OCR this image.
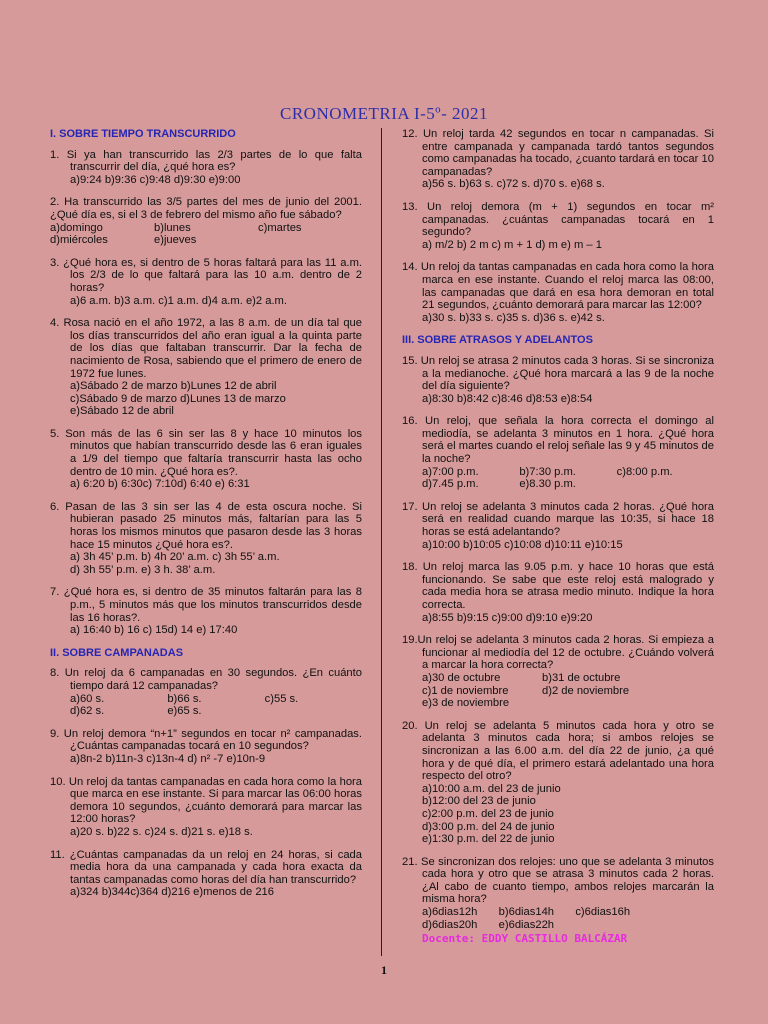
CRONOMETRIA I-5º- 2021
I. SOBRE TIEMPO TRANSCURRIDO
1. Si ya han transcurrido las 2/3 partes de lo que falta transcurrir del día, ¿qué hora es?
a)9:24 b)9:36 c)9:48 d)9:30 e)9:00
2. Ha transcurrido las 3/5 partes del mes de junio del 2001. ¿Qué día es, si el 3 de febrero del mismo año fue sábado?
a)domingo	b)lunes	c)martes
d)miércoles	e)jueves
3. ¿Qué hora es, si dentro de 5 horas faltará para las 11 a.m. los 2/3 de lo que faltará para las 10 a.m. dentro de 2 horas?
a)6 a.m. b)3 a.m. c)1 a.m. d)4 a.m. e)2 a.m.
4. Rosa nació en el año 1972, a las 8 a.m. de un día tal que los días transcurridos del año eran igual a la quinta parte de los días que faltaban transcurrir. Dar la fecha de nacimiento de Rosa, sabiendo que el primero de enero de 1972 fue lunes.
a)Sábado 2 de marzo b)Lunes 12 de abril
c)Sábado 9 de marzo d)Lunes 13 de marzo
e)Sábado 12 de abril
5. Son más de las 6 sin ser las 8 y hace 10 minutos los minutos que habían transcurrido desde las 6 eran iguales a 1/9 del tiempo que faltaría transcurrir hasta las ocho dentro de 10 min. ¿Qué hora es?.
a) 6:20 b) 6:30c) 7:10d) 6:40 e) 6:31
6. Pasan de las 3 sin ser las 4 de esta oscura noche. Si hubieran pasado 25 minutos más, faltarían para las 5 horas los mismos minutos que pasaron desde las 3 horas hace 15 minutos ¿Qué hora es?.
a) 3h 45’ p.m. b) 4h 20’ a.m. c) 3h 55’ a.m.
d) 3h 55’ p.m. e) 3 h. 38’ a.m.
7. ¿Qué hora es, si dentro de 35 minutos faltarán para las 8 p.m., 5 minutos más que los minutos transcurridos desde las 16 horas?.
a) 16:40 b) 16 c) 15d) 14 e) 17:40
II. SOBRE CAMPANADAS
8. Un reloj da 6 campanadas en 30 segundos. ¿En cuánto tiempo dará 12 campanadas?
a)60 s.	b)66 s.	c)55 s.
d)62 s.	e)65 s.
9. Un reloj demora “n+1” segundos en tocar n² campanadas. ¿Cuántas campanadas tocará en 10 segundos?
a)8n-2 b)11n-3 c)13n-4 d) n² -7 e)10n-9
10. Un reloj da tantas campanadas en cada hora como la hora que marca en ese instante. Si para marcar las 06:00 horas demora 10 segundos, ¿cuánto demorará para marcar las 12:00 horas?
a)20 s. b)22 s. c)24 s. d)21 s. e)18 s.
11. ¿Cuántas campanadas da un reloj en 24 horas, si cada media hora da una campanada y cada hora exacta da tantas campanadas como horas del día han transcurrido?
a)324 b)344c)364 d)216 e)menos de 216
12. Un reloj tarda 42 segundos en tocar n campanadas. Si entre campanada y campanada tardó tantos segundos como campanadas ha tocado, ¿cuanto tardará en tocar 10 campanadas?
a)56 s. b)63 s. c)72 s. d)70 s. e)68 s.
13. Un reloj demora (m + 1) segundos en tocar m² campanadas. ¿cuántas campanadas tocará en 1 segundo?
a) m/2 b) 2 m c) m + 1 d) m e) m – 1
14. Un reloj da tantas campanadas en cada hora como la hora marca en ese instante. Cuando el reloj marca las 08:00, las campanadas que dará en esa hora demoran en total 21 segundos, ¿cuánto demorará para marcar las 12:00?
a)30 s. b)33 s. c)35 s. d)36 s. e)42 s.
III. SOBRE ATRASOS Y ADELANTOS
15. Un reloj se atrasa 2 minutos cada 3 horas. Si se sincroniza a la medianoche. ¿Qué hora marcará a las 9 de la noche del día siguiente?
a)8:30 b)8:42 c)8:46 d)8:53 e)8:54
16. Un reloj, que señala la hora correcta el domingo al mediodía, se adelanta 3 minutos en 1 hora. ¿Qué hora será el martes cuando el reloj señale las 9 y 45 minutos de la noche?
a)7:00 p.m.	b)7:30 p.m.	c)8:00 p.m.
d)7.45 p.m.	e)8.30 p.m.
17. Un reloj se adelanta 3 minutos cada 2 horas. ¿Qué hora será en realidad cuando marque las 10:35, si hace 18 horas se está adelantando?
a)10:00 b)10:05 c)10:08 d)10:11 e)10:15
18. Un reloj marca las 9.05 p.m. y hace 10 horas que está funcionando. Se sabe que este reloj está malogrado y cada media hora se atrasa medio minuto. Indique la hora correcta.
a)8:55 b)9:15 c)9:00 d)9:10 e)9:20
19.Un reloj se adelanta 3 minutos cada 2 horas. Si empieza a funcionar al mediodía del 12 de octubre. ¿Cuándo volverá a marcar la hora correcta?
a)30 de octubre	b)31 de octubre
c)1 de noviembre	d)2 de noviembre
e)3 de noviembre
20. Un reloj se adelanta 5 minutos cada hora y otro se adelanta 3 minutos cada hora; si ambos relojes se sincronizan a las 6.00 a.m. del día 22 de junio, ¿a qué hora y de qué día, el primero estará adelantado una hora respecto del otro?
a)10:00 a.m. del 23 de junio
b)12:00 del 23 de junio
c)2:00 p.m. del 23 de junio
d)3:00 p.m. del 24 de junio
e)1:30 p.m. del 22 de junio
21. Se sincronizan dos relojes: uno que se adelanta 3 minutos cada hora y otro que se atrasa 3 minutos cada 2 horas. ¿Al cabo de cuanto tiempo, ambos relojes marcarán la misma hora?
a)6dias12h	b)6dias14h	c)6dias16h
d)6dias20h	e)6dias22h
Docente: EDDY CASTILLO BALCÁZAR
1
